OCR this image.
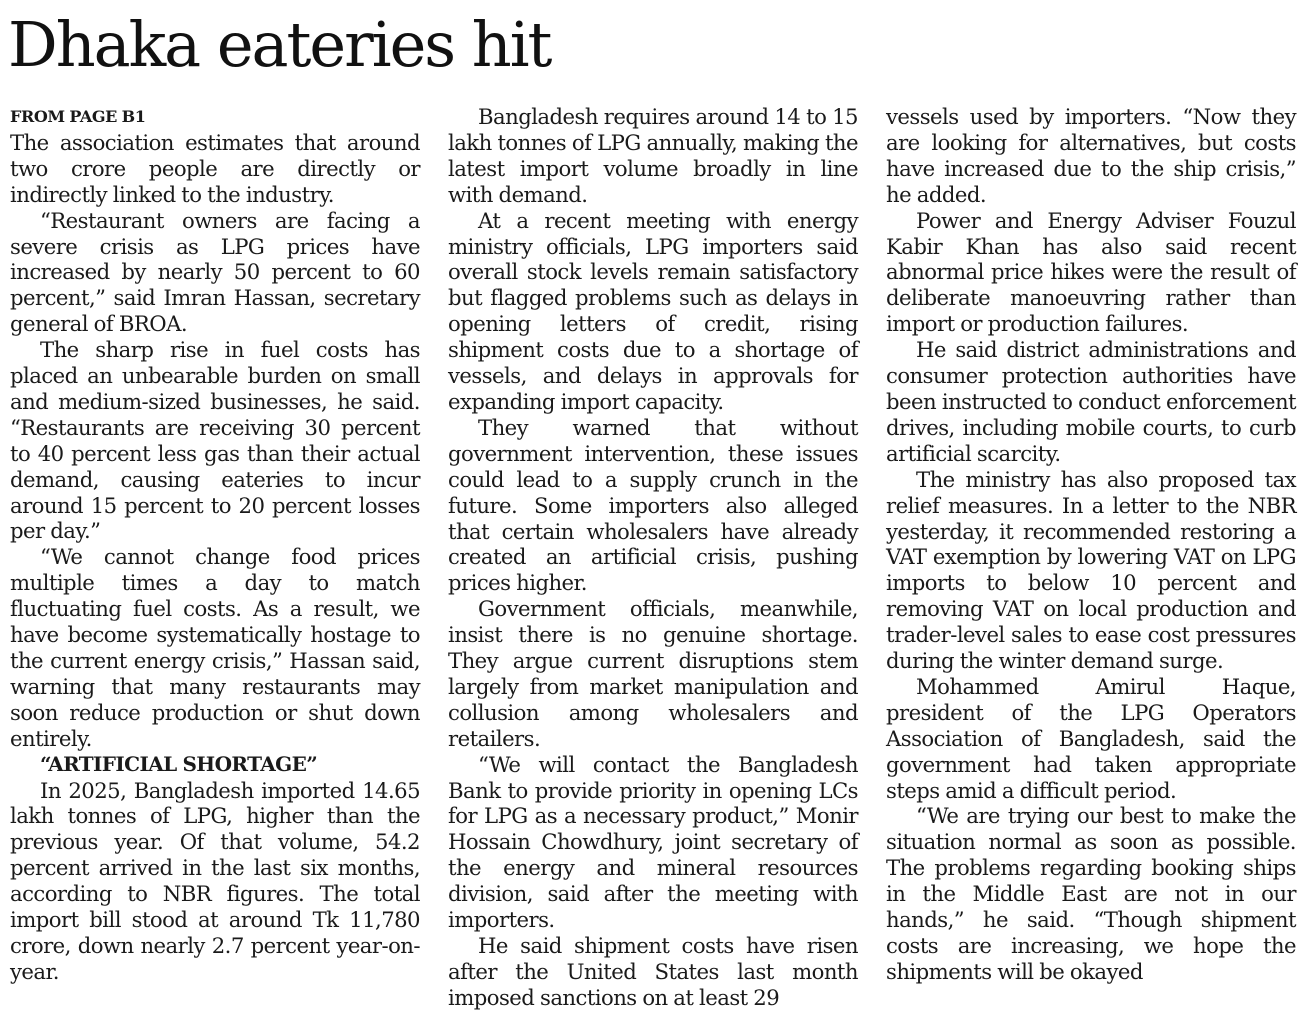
Dhaka eateries hit
FROM PAGE B1

The association estimates that around two crore people are directly or indirectly linked to the industry.

“Restaurant owners are facing a severe crisis as LPG prices have increased by nearly 50 percent to 60 percent,” said Imran Hassan, secretary general of BROA.

The sharp rise in fuel costs has placed an unbearable burden on small and medium-sized businesses, he said. “Restaurants are receiving 30 percent to 40 percent less gas than their actual demand, causing eateries to incur around 15 percent to 20 percent losses per day.”

“We cannot change food prices multiple times a day to match fluctuating fuel costs. As a result, we have become systematically hostage to the current energy crisis,” Hassan said, warning that many restaurants may soon reduce production or shut down entirely.

“ARTIFICIAL SHORTAGE”

In 2025, Bangladesh imported 14.65 lakh tonnes of LPG, higher than the previous year. Of that volume, 54.2 percent arrived in the last six months, according to NBR figures. The total import bill stood at around Tk 11,780 crore, down nearly 2.7 percent year-on-year.

Bangladesh requires around 14 to 15 lakh tonnes of LPG annually, making the latest import volume broadly in line with demand.

At a recent meeting with energy ministry officials, LPG importers said overall stock levels remain satisfactory but flagged problems such as delays in opening letters of credit, rising shipment costs due to a shortage of vessels, and delays in approvals for expanding import capacity.

They warned that without government intervention, these issues could lead to a supply crunch in the future. Some importers also alleged that certain wholesalers have already created an artificial crisis, pushing prices higher.

Government officials, meanwhile, insist there is no genuine shortage. They argue current disruptions stem largely from market manipulation and collusion among wholesalers and retailers.

“We will contact the Bangladesh Bank to provide priority in opening LCs for LPG as a necessary product,” Monir Hossain Chowdhury, joint secretary of the energy and mineral resources division, said after the meeting with importers.

He said shipment costs have risen after the United States last month imposed sanctions on at least 29

vessels used by importers. “Now they are looking for alternatives, but costs have increased due to the ship crisis,” he added.

Power and Energy Adviser Fouzul Kabir Khan has also said recent abnormal price hikes were the result of deliberate manoeuvring rather than import or production failures.

He said district administrations and consumer protection authorities have been instructed to conduct enforcement drives, including mobile courts, to curb artificial scarcity.

The ministry has also proposed tax relief measures. In a letter to the NBR yesterday, it recommended restoring a VAT exemption by lowering VAT on LPG imports to below 10 percent and removing VAT on local production and trader-level sales to ease cost pressures during the winter demand surge.

Mohammed Amirul Haque, president of the LPG Operators Association of Bangladesh, said the government had taken appropriate steps amid a difficult period.

“We are trying our best to make the situation normal as soon as possible. The problems regarding booking ships in the Middle East are not in our hands,” he said. “Though shipment costs are increasing, we hope the shipments will be okayed
